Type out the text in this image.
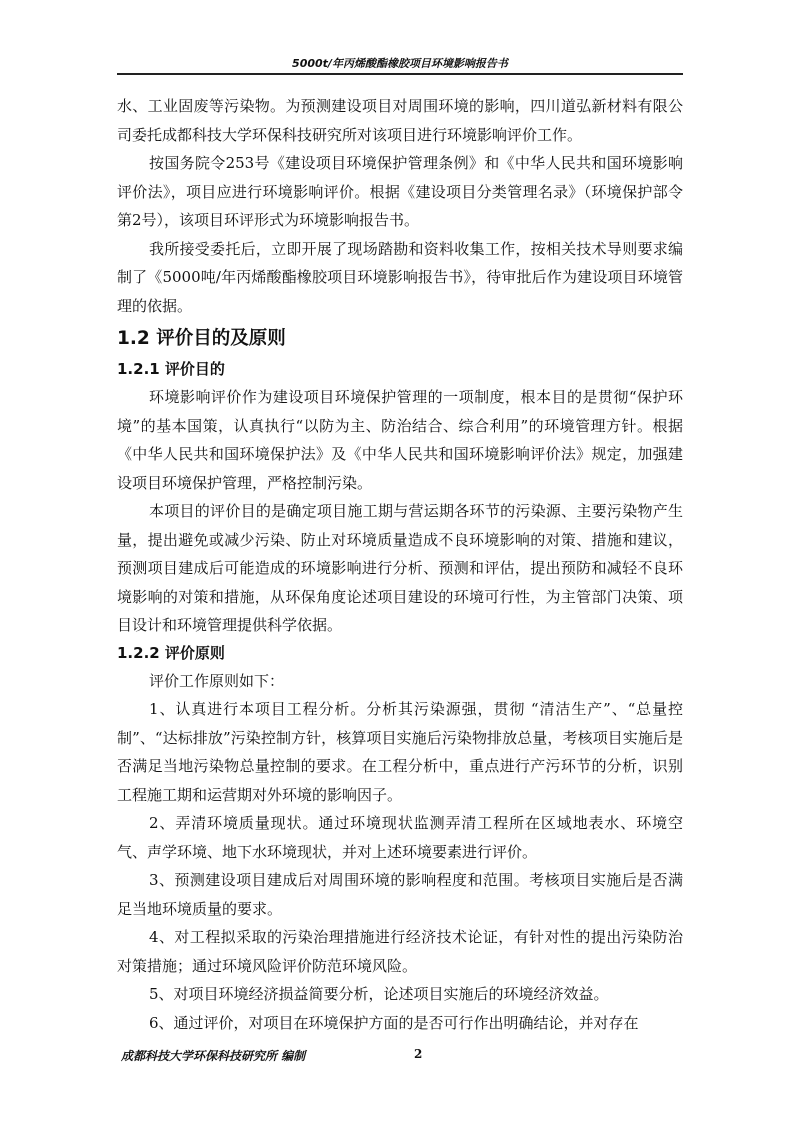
5000t/年丙烯酸酯橡胶项目环境影响报告书

水、工业固废等污染物。为预测建设项目对周围环境的影响，四川道弘新材料有限公司委托成都科技大学环保科技研究所对该项目进行环境影响评价工作。

按国务院令253号《建设项目环境保护管理条例》和《中华人民共和国环境影响评价法》，项目应进行环境影响评价。根据《建设项目分类管理名录》（环境保护部令第2号），该项目环评形式为环境影响报告书。

我所接受委托后，立即开展了现场踏勘和资料收集工作，按相关技术导则要求编制了《5000吨/年丙烯酸酯橡胶项目环境影响报告书》，待审批后作为建设项目环境管理的依据。

1.2 评价目的及原则
1.2.1 评价目的

环境影响评价作为建设项目环境保护管理的一项制度，根本目的是贯彻“保护环境”的基本国策，认真执行“以防为主、防治结合、综合利用”的环境管理方针。根据《中华人民共和国环境保护法》及《中华人民共和国环境影响评价法》规定，加强建设项目环境保护管理，严格控制污染。

本项目的评价目的是确定项目施工期与营运期各环节的污染源、主要污染物产生量，提出避免或减少污染、防止对环境质量造成不良环境影响的对策、措施和建议，预测项目建成后可能造成的环境影响进行分析、预测和评估，提出预防和减轻不良环境影响的对策和措施，从环保角度论述项目建设的环境可行性，为主管部门决策、项目设计和环境管理提供科学依据。

1.2.2 评价原则

评价工作原则如下：

1、认真进行本项目工程分析。分析其污染源强，贯彻 “清洁生产”、“总量控制”、“达标排放”污染控制方针，核算项目实施后污染物排放总量，考核项目实施后是否满足当地污染物总量控制的要求。在工程分析中，重点进行产污环节的分析，识别工程施工期和运营期对外环境的影响因子。

2、弄清环境质量现状。通过环境现状监测弄清工程所在区域地表水、环境空气、声学环境、地下水环境现状，并对上述环境要素进行评价。

3、预测建设项目建成后对周围环境的影响程度和范围。考核项目实施后是否满足当地环境质量的要求。

4、对工程拟采取的污染治理措施进行经济技术论证，有针对性的提出污染防治对策措施；通过环境风险评价防范环境风险。

5、对项目环境经济损益简要分析，论述项目实施后的环境经济效益。

6、通过评价，对项目在环境保护方面的是否可行作出明确结论，并对存在

成都科技大学环保科技研究所 编制	2
